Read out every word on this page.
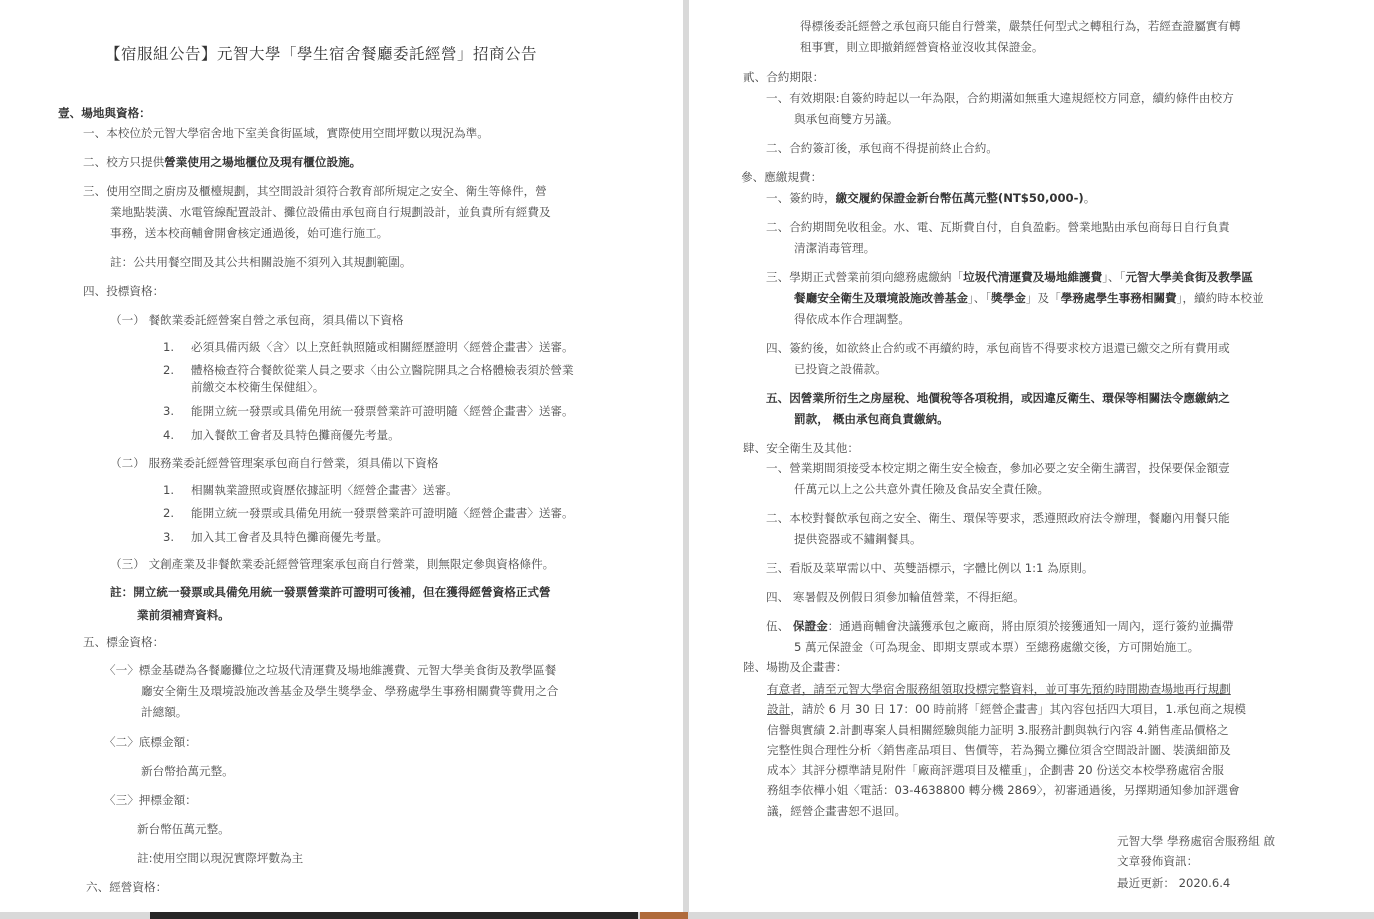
【宿服組公告】元智大學「學生宿舍餐廳委託經營」招商公告
壹、場地與資格：
一、本校位於元智大學宿舍地下室美食街區域，實際使用空間坪數以現況為準。
二、校方只提供營業使用之場地櫃位及現有櫃位設施。
三、使用空間之廚房及櫃檯規劃，其空間設計須符合教育部所規定之安全、衛生等條件，營
業地點裝潢、水電管線配置設計、攤位設備由承包商自行規劃設計，並負責所有經費及
事務，送本校商輔會開會核定通過後，始可進行施工。
註：公共用餐空間及其公共相關設施不須列入其規劃範圍。
四、投標資格：
（一） 餐飲業委託經營案自營之承包商，須具備以下資格
1. 必須具備丙級〈含〉以上烹飪執照隨或相關經歷證明〈經營企畫書〉送審。
2. 體格檢查符合餐飲從業人員之要求〈由公立醫院開具之合格體檢表須於營業
前繳交本校衛生保健組〉。
3. 能開立統一發票或具備免用統一發票營業許可證明隨〈經營企畫書〉送審。
4. 加入餐飲工會者及具特色攤商優先考量。
（二） 服務業委託經營管理案承包商自行營業，須具備以下資格
1. 相關執業證照或資歷依據証明〈經營企畫書〉送審。
2. 能開立統一發票或具備免用統一發票營業許可證明隨〈經營企畫書〉送審。
3. 加入其工會者及具特色攤商優先考量。
（三） 文創產業及非餐飲業委託經營管理案承包商自行營業，則無限定參與資格條件。
註：開立統一發票或具備免用統一發票營業許可證明可後補，但在獲得經營資格正式營
業前須補齊資料。
五、標金資格：
〈一〉標金基礎為各餐廳攤位之垃圾代清運費及場地維護費、元智大學美食街及教學區餐
廳安全衛生及環境設施改善基金及學生獎學金、學務處學生事務相關費等費用之合
計總額。
〈二〉底標金額：
新台幣拾萬元整。
〈三〉押標金額：
新台幣伍萬元整。
註:使用空間以現況實際坪數為主
六、經營資格：
得標後委託經營之承包商只能自行營業，嚴禁任何型式之轉租行為，若經查證屬實有轉
租事實，則立即撤銷經營資格並沒收其保證金。
貳、合約期限：
一、有效期限:自簽約時起以一年為限，合約期滿如無重大違規經校方同意，續約條件由校方
與承包商雙方另議。
二、合約簽訂後，承包商不得提前終止合約。
參、應繳規費：
一、簽約時，繳交履約保證金新台幣伍萬元整(NT$50,000-)。
二、合約期間免收租金。水、電、瓦斯費自付，自負盈虧。營業地點由承包商每日自行負責
清潔消毒管理。
三、學期正式營業前須向總務處繳納「垃圾代清運費及場地維護費」、「元智大學美食街及教學區
餐廳安全衛生及環境設施改善基金」、「獎學金」及「學務處學生事務相關費」，續約時本校並
得依成本作合理調整。
四、簽約後，如欲終止合約或不再續約時，承包商皆不得要求校方退還已繳交之所有費用或
已投資之設備款。
五、因營業所衍生之房屋稅、地價稅等各項稅捐，或因違反衛生、環保等相關法令應繳納之
罰款， 概由承包商負責繳納。
肆、安全衛生及其他：
一、營業期間須接受本校定期之衛生安全檢查，參加必要之安全衛生講習，投保要保金額壹
仟萬元以上之公共意外責任險及食品安全責任險。
二、本校對餐飲承包商之安全、衛生、環保等要求，悉遵照政府法令辦理，餐廳內用餐只能
提供瓷器或不鏽鋼餐具。
三、看版及菜單需以中、英雙語標示，字體比例以 1:1 為原則。
四、 寒暑假及例假日須參加輪值營業，不得拒絕。
伍、 保證金：通過商輔會決議獲承包之廠商，將由原須於接獲通知一周內，逕行簽約並攜帶
5 萬元保證金（可為現金、即期支票或本票）至總務處繳交後，方可開始施工。
陸、場勘及企畫書：
有意者，請至元智大學宿舍服務組領取投標完整資料，並可事先預約時間勘查場地再行規劃
設計，請於 6 月 30 日 17：00 時前將「經營企畫書」其內容包括四大項目，1.承包商之規模
信譽與實績 2.計劃專案人員相關經驗與能力証明 3.服務計劃與執行內容 4.銷售產品價格之
完整性與合理性分析〈銷售產品項目、售價等，若為獨立攤位須含空間設計圖、裝潢細節及
成本〉其評分標準請見附件「廠商評選項目及權重」，企劃書 20 份送交本校學務處宿舍服
務組李依樺小姐〈電話：03-4638800 轉分機 2869〉，初審通過後，另擇期通知參加評選會
議，經營企畫書恕不退回。
元智大學 學務處宿舍服務組 啟
文章發佈資訊：
最近更新： 2020.6.4
